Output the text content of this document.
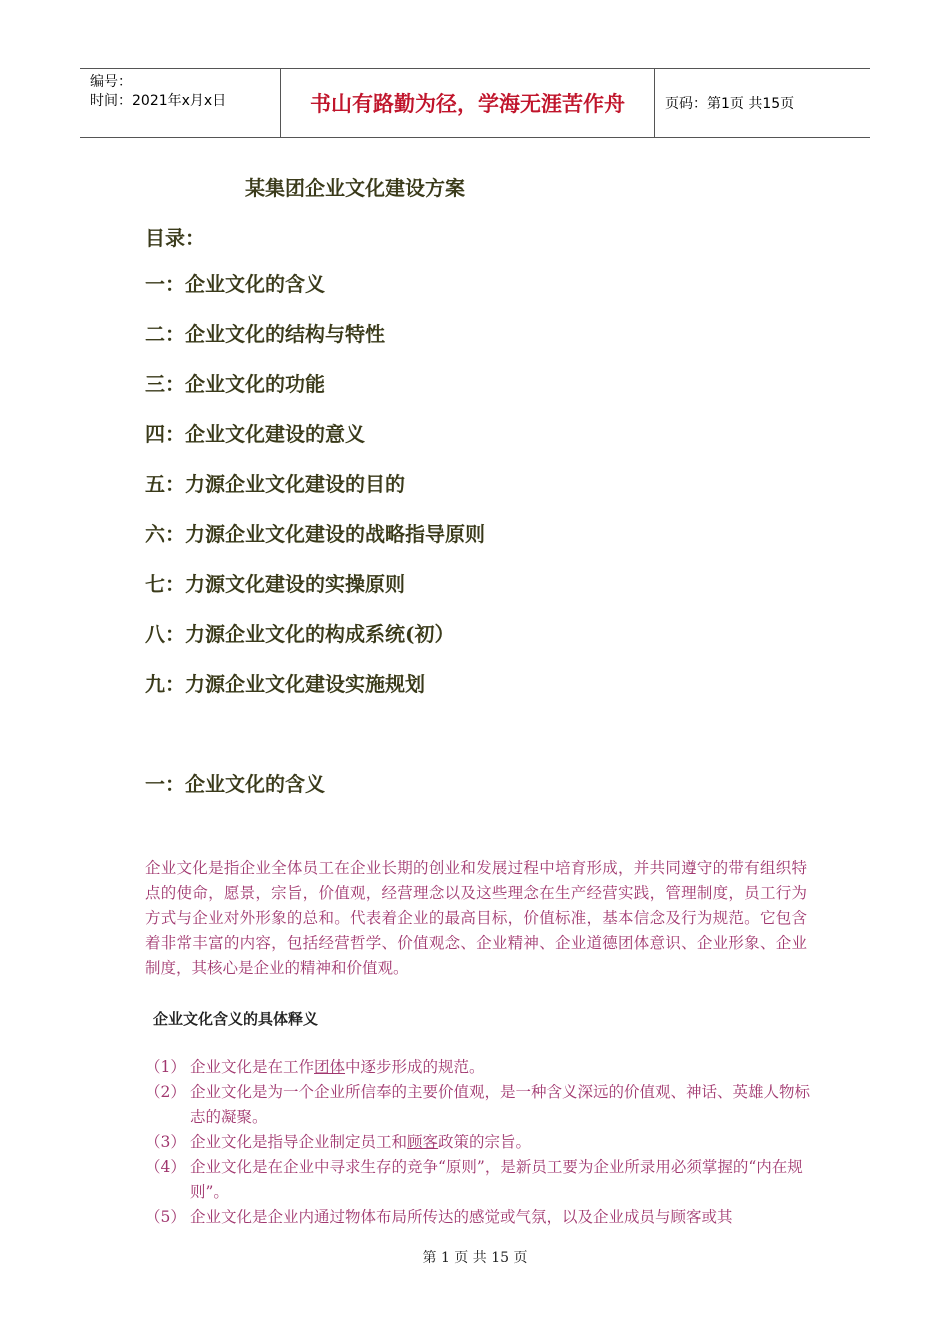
编号：
时间：2021年x月x日	书山有路勤为径，学海无涯苦作舟	页码：第1页 共15页
某集团企业文化建设方案
目录：
一：企业文化的含义
二：企业文化的结构与特性
三：企业文化的功能
四：企业文化建设的意义
五：力源企业文化建设的目的
六：力源企业文化建设的战略指导原则
七：力源文化建设的实操原则
八：力源企业文化的构成系统(初）
九：力源企业文化建设实施规划
一：企业文化的含义
企业文化是指企业全体员工在企业长期的创业和发展过程中培育形成，并共同遵守的带有组织特点的使命，愿景，宗旨，价值观，经营理念以及这些理念在生产经营实践，管理制度，员工行为方式与企业对外形象的总和。代表着企业的最高目标，价值标准，基本信念及行为规范。它包含着非常丰富的内容，包括经营哲学、价值观念、企业精神、企业道德团体意识、企业形象、企业制度，其核心是企业的精神和价值观。
企业文化含义的具体释义
（1） 企业文化是在工作团体中逐步形成的规范。
（2） 企业文化是为一个企业所信奉的主要价值观，是一种含义深远的价值观、神话、英雄人物标志的凝聚。
（3） 企业文化是指导企业制定员工和顾客政策的宗旨。
（4） 企业文化是在企业中寻求生存的竞争“原则”，是新员工要为企业所录用必须掌握的“内在规则”。
（5） 企业文化是企业内通过物体布局所传达的感觉或气氛，以及企业成员与顾客或其
第 1 页 共 15 页
